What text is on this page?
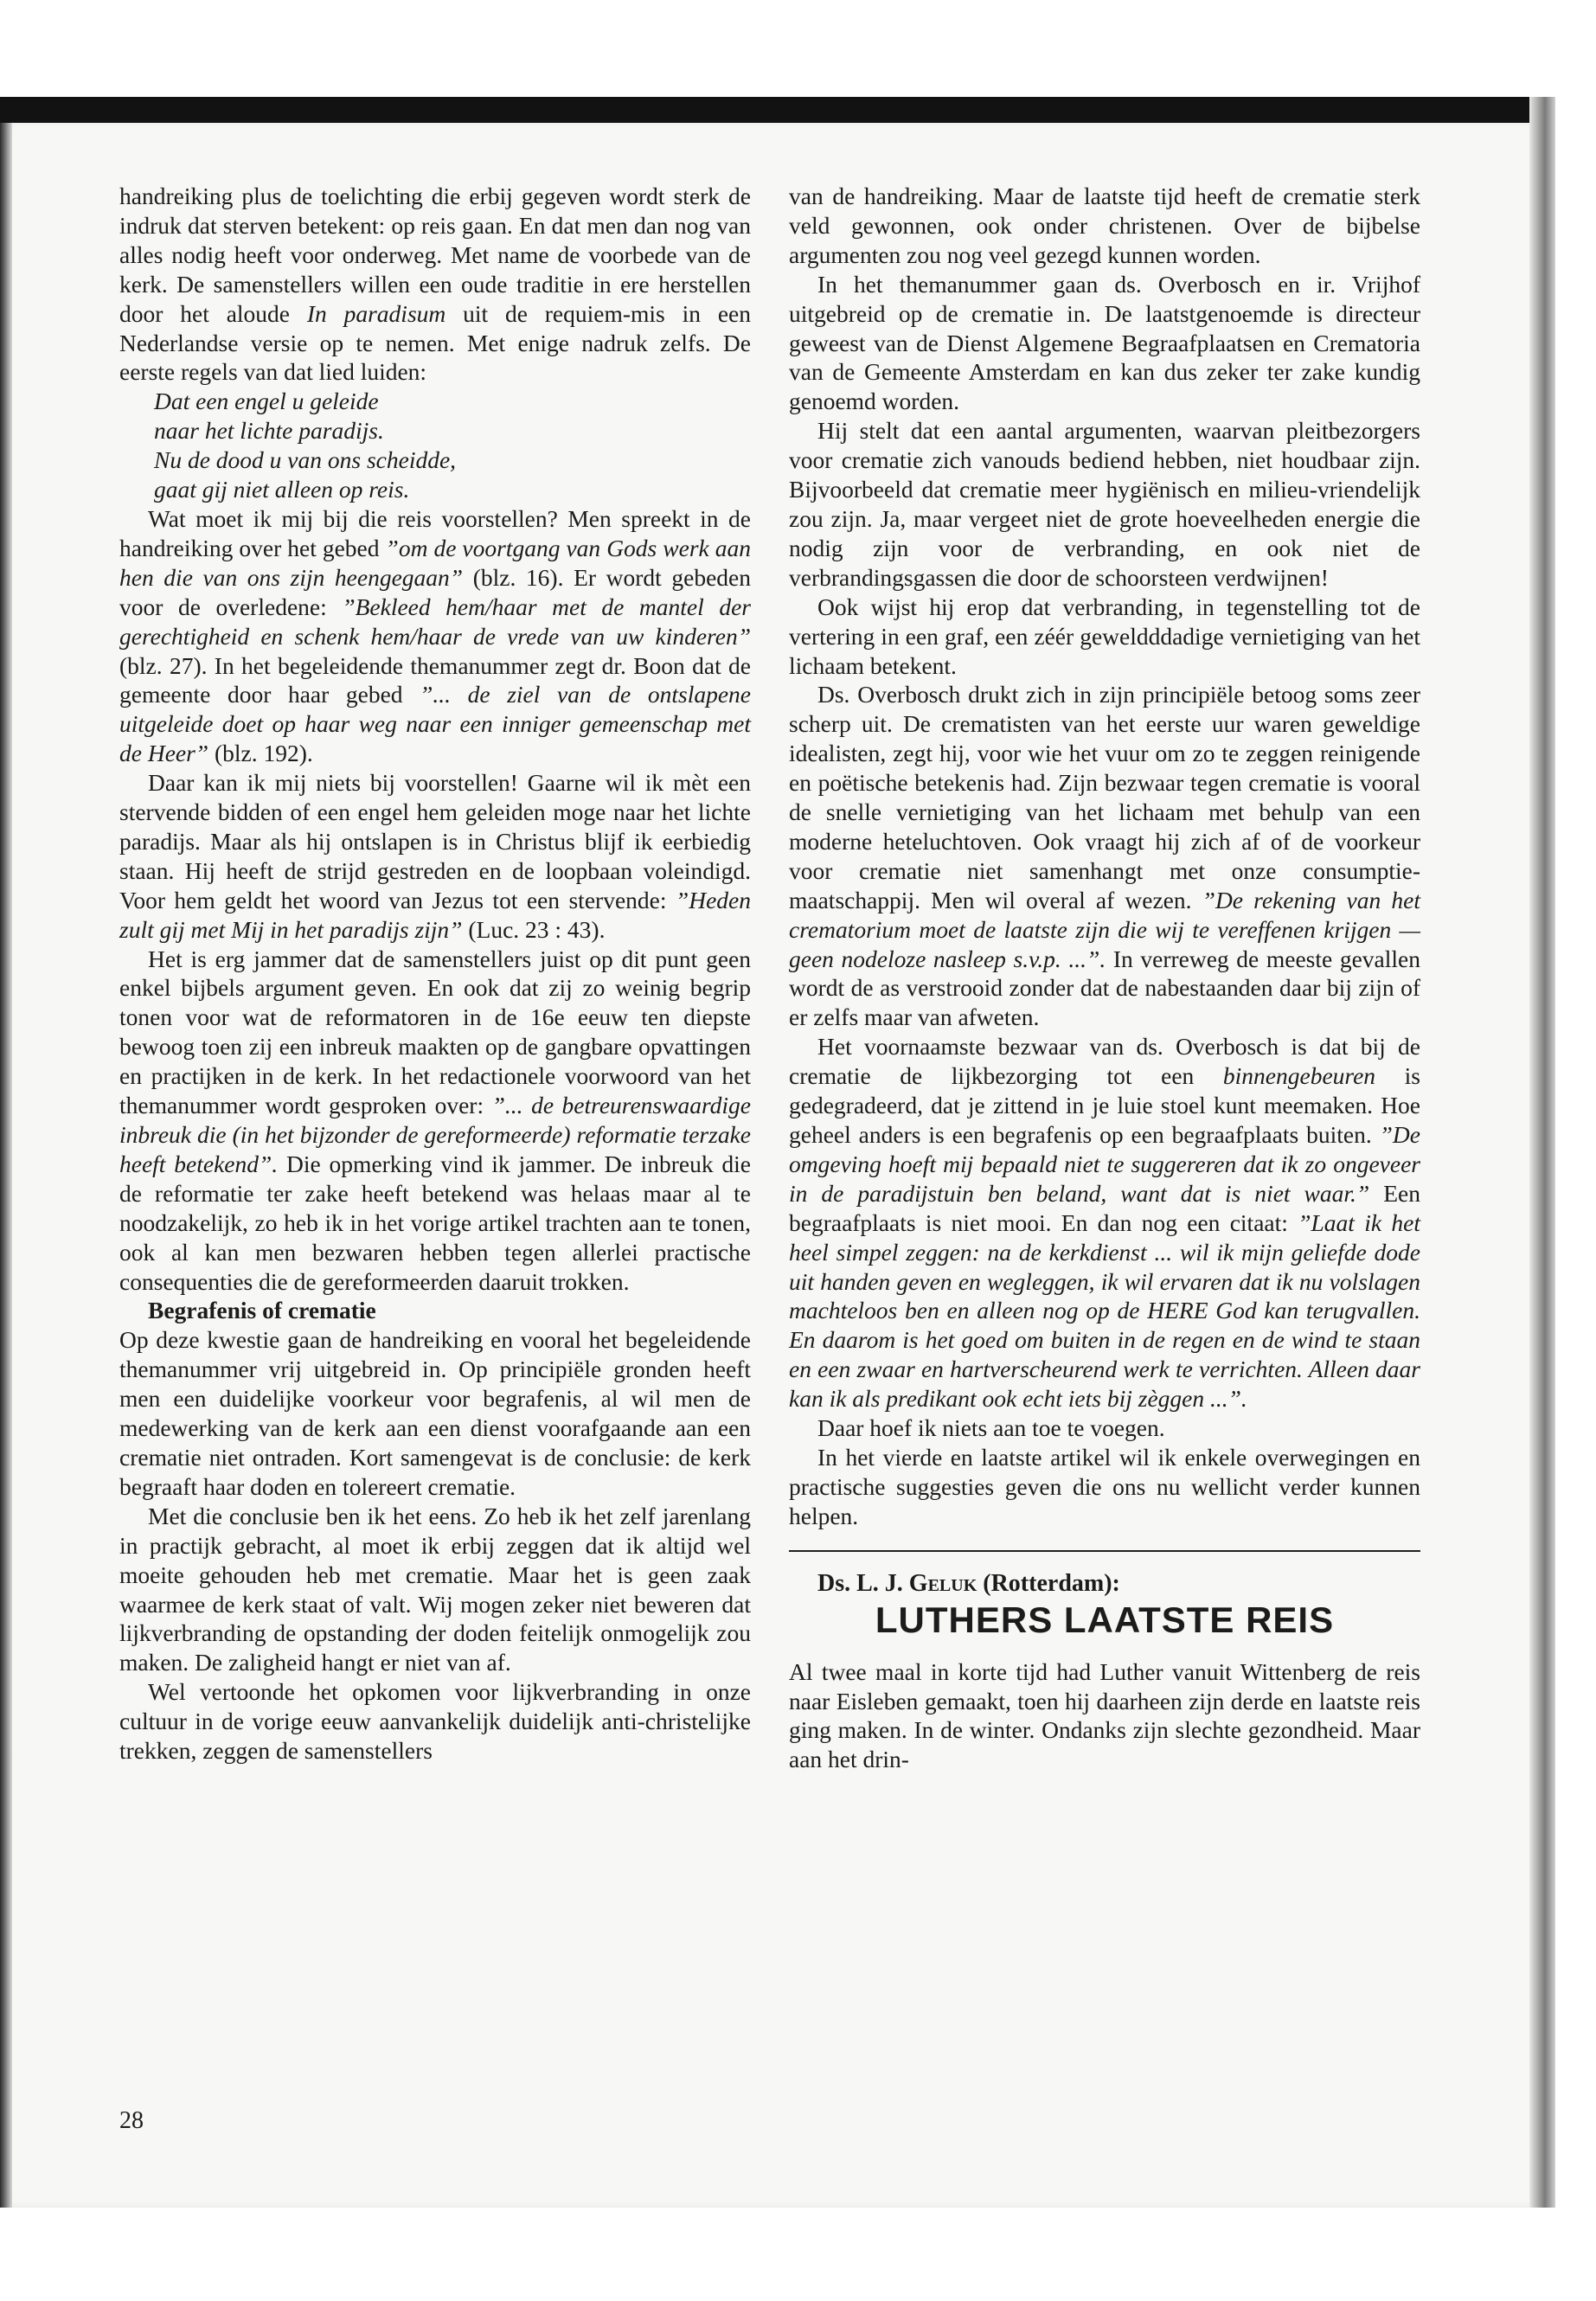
handreiking plus de toelichting die erbij gegeven wordt sterk de indruk dat sterven betekent: op reis gaan. En dat men dan nog van alles nodig heeft voor onderweg. Met name de voorbede van de kerk. De samenstellers willen een oude traditie in ere herstellen door het aloude In paradisum uit de requiem-mis in een Nederlandse versie op te nemen. Met enige nadruk zelfs. De eerste regels van dat lied luiden:

Dat een engel u geleide
naar het lichte paradijs.
Nu de dood u van ons scheidde,
gaat gij niet alleen op reis.

Wat moet ik mij bij die reis voorstellen? Men spreekt in de handreiking over het gebed ”om de voortgang van Gods werk aan hen die van ons zijn heengegaan” (blz. 16). Er wordt gebeden voor de overledene: ”Bekleed hem/haar met de mantel der gerechtigheid en schenk hem/haar de vrede van uw kinderen” (blz. 27). In het begeleidende themanummer zegt dr. Boon dat de gemeente door haar gebed ”... de ziel van de ontslapene uitgeleide doet op haar weg naar een inniger gemeenschap met de Heer” (blz. 192).

Daar kan ik mij niets bij voorstellen! Gaarne wil ik mèt een stervende bidden of een engel hem geleiden moge naar het lichte paradijs. Maar als hij ontslapen is in Christus blijf ik eerbiedig staan. Hij heeft de strijd gestreden en de loopbaan voleindigd. Voor hem geldt het woord van Jezus tot een stervende: ”Heden zult gij met Mij in het paradijs zijn” (Luc. 23 : 43).

Het is erg jammer dat de samenstellers juist op dit punt geen enkel bijbels argument geven. En ook dat zij zo weinig begrip tonen voor wat de reformatoren in de 16e eeuw ten diepste bewoog toen zij een inbreuk maakten op de gangbare opvattingen en practijken in de kerk. In het redactionele voorwoord van het themanummer wordt gesproken over: ”... de betreurenswaardige inbreuk die (in het bijzonder de gereformeerde) reformatie terzake heeft betekend”. Die opmerking vind ik jammer. De inbreuk die de reformatie ter zake heeft betekend was helaas maar al te noodzakelijk, zo heb ik in het vorige artikel trachten aan te tonen, ook al kan men bezwaren hebben tegen allerlei practische consequenties die de gereformeerden daaruit trokken.

Begrafenis of crematie

Op deze kwestie gaan de handreiking en vooral het begeleidende themanummer vrij uitgebreid in. Op principiële gronden heeft men een duidelijke voorkeur voor begrafenis, al wil men de medewerking van de kerk aan een dienst voorafgaande aan een crematie niet ontraden. Kort samengevat is de conclusie: de kerk begraaft haar doden en tolereert crematie.

Met die conclusie ben ik het eens. Zo heb ik het zelf jarenlang in practijk gebracht, al moet ik erbij zeggen dat ik altijd wel moeite gehouden heb met crematie. Maar het is geen zaak waarmee de kerk staat of valt. Wij mogen zeker niet beweren dat lijkverbranding de opstanding der doden feitelijk onmogelijk zou maken. De zaligheid hangt er niet van af.

Wel vertoonde het opkomen voor lijkverbranding in onze cultuur in de vorige eeuw aanvankelijk duidelijk anti-christelijke trekken, zeggen de samenstellers

28

van de handreiking. Maar de laatste tijd heeft de crematie sterk veld gewonnen, ook onder christenen. Over de bijbelse argumenten zou nog veel gezegd kunnen worden.

In het themanummer gaan ds. Overbosch en ir. Vrijhof uitgebreid op de crematie in. De laatstgenoemde is directeur geweest van de Dienst Algemene Begraafplaatsen en Crematoria van de Gemeente Amsterdam en kan dus zeker ter zake kundig genoemd worden.

Hij stelt dat een aantal argumenten, waarvan pleitbezorgers voor crematie zich vanouds bediend hebben, niet houdbaar zijn. Bijvoorbeeld dat crematie meer hygiënisch en milieu-vriendelijk zou zijn. Ja, maar vergeet niet de grote hoeveelheden energie die nodig zijn voor de verbranding, en ook niet de verbrandingsgassen die door de schoorsteen verdwijnen!

Ook wijst hij erop dat verbranding, in tegenstelling tot de vertering in een graf, een zéér geweldddadige vernietiging van het lichaam betekent.

Ds. Overbosch drukt zich in zijn principiële betoog soms zeer scherp uit. De crematisten van het eerste uur waren geweldige idealisten, zegt hij, voor wie het vuur om zo te zeggen reinigende en poëtische betekenis had. Zijn bezwaar tegen crematie is vooral de snelle vernietiging van het lichaam met behulp van een moderne heteluchtoven. Ook vraagt hij zich af of de voorkeur voor crematie niet samenhangt met onze consumptie-maatschappij. Men wil overal af wezen. ”De rekening van het crematorium moet de laatste zijn die wij te vereffenen krijgen — geen nodeloze nasleep s.v.p. ...”. In verreweg de meeste gevallen wordt de as verstrooid zonder dat de nabestaanden daar bij zijn of er zelfs maar van afweten.

Het voornaamste bezwaar van ds. Overbosch is dat bij de crematie de lijkbezorging tot een binnengebeuren is gedegradeerd, dat je zittend in je luie stoel kunt meemaken. Hoe geheel anders is een begrafenis op een begraafplaats buiten. ”De omgeving hoeft mij bepaald niet te suggereren dat ik zo ongeveer in de paradijstuin ben beland, want dat is niet waar.” Een begraafplaats is niet mooi. En dan nog een citaat: ”Laat ik het heel simpel zeggen: na de kerkdienst ... wil ik mijn geliefde dode uit handen geven en wegleggen, ik wil ervaren dat ik nu volslagen machteloos ben en alleen nog op de HERE God kan terugvallen. En daarom is het goed om buiten in de regen en de wind te staan en een zwaar en hartverscheurend werk te verrichten. Alleen daar kan ik als predikant ook echt iets bij zèggen ...”.

Daar hoef ik niets aan toe te voegen.

In het vierde en laatste artikel wil ik enkele overwegingen en practische suggesties geven die ons nu wellicht verder kunnen helpen.

Ds. L. J. Geluk (Rotterdam):

LUTHERS LAATSTE REIS

Al twee maal in korte tijd had Luther vanuit Wittenberg de reis naar Eisleben gemaakt, toen hij daarheen zijn derde en laatste reis ging maken. In de winter. Ondanks zijn slechte gezondheid. Maar aan het drin-
